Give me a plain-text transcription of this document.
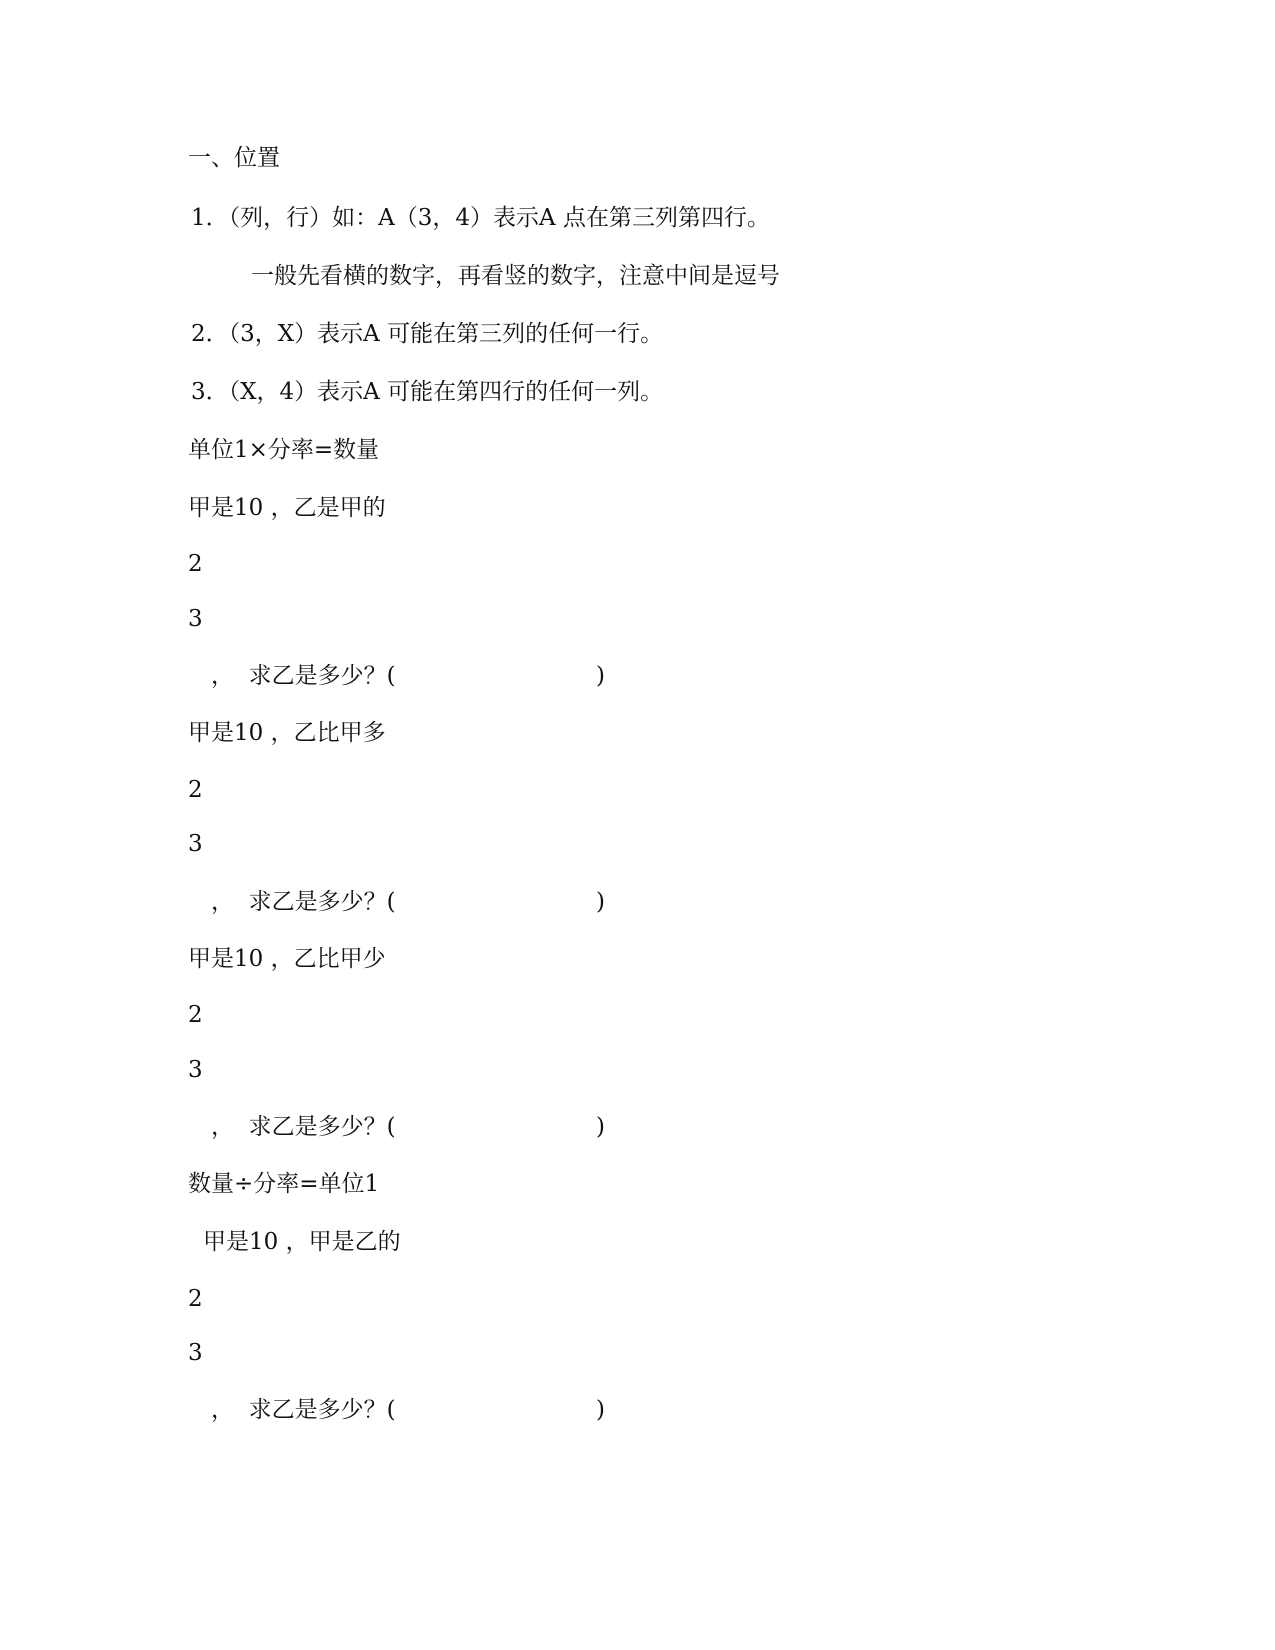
一、位置
1．（列，行）如：A（3，4）表示A 点在第三列第四行。
一般先看横的数字，再看竖的数字，注意中间是逗号
2．（3，X）表示A 可能在第三列的任何一行。
3．（X，4）表示A 可能在第四行的任何一列。
单位1×分率=数量
甲是10 ，乙是甲的
2
3
，  求乙是多少？(	)
甲是10 ，乙比甲多
2
3
，  求乙是多少？(	)
甲是10 ，乙比甲少
2
3
，  求乙是多少？(	)
数量÷分率=单位1
甲是10 ，甲是乙的
2
3
，  求乙是多少？(	)
